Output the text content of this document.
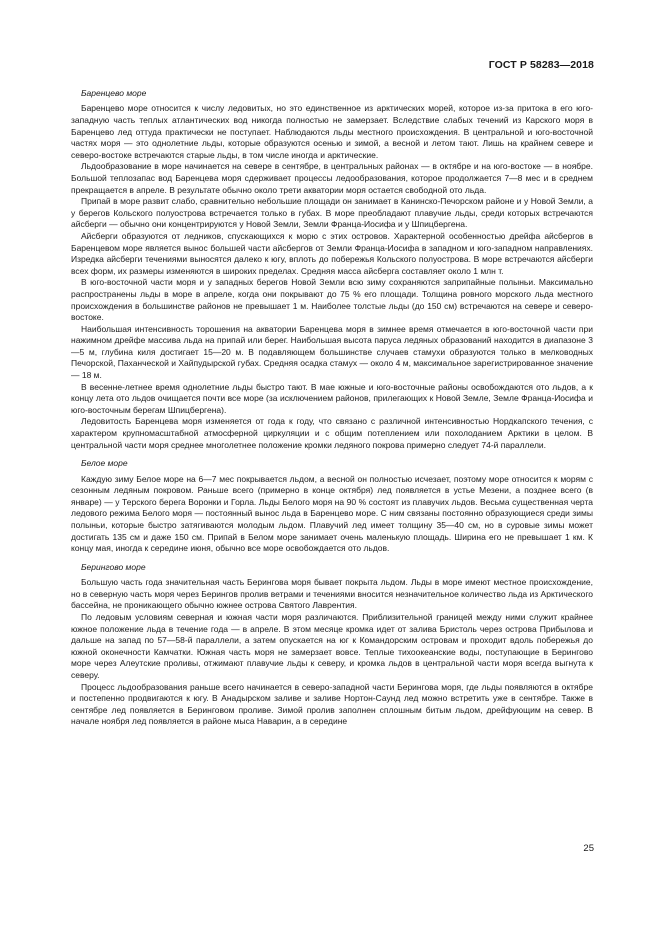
ГОСТ Р 58283—2018
Баренцево море

Баренцево море относится к числу ледовитых, но это единственное из арктических морей, которое из-за притока в его юго-западную часть теплых атлантических вод никогда полностью не замерзает. Вследствие слабых течений из Карского моря в Баренцево лед оттуда практически не поступает. Наблюдаются льды местного происхождения. В центральной и юго-восточной частях моря — это однолетние льды, которые образуются осенью и зимой, а весной и летом тают. Лишь на крайнем севере и северо-востоке встречаются старые льды, в том числе иногда и арктические.

Льдообразование в море начинается на севере в сентябре, в центральных районах — в октябре и на юго-востоке — в ноябре. Большой теплозапас вод Баренцева моря сдерживает процессы ледообразования, которое продолжается 7—8 мес и в среднем прекращается в апреле. В результате обычно около трети акватории моря остается свободной ото льда.

Припай в море развит слабо, сравнительно небольшие площади он занимает в Канинско-Печорском районе и у Новой Земли, а у берегов Кольского полуострова встречается только в губах. В море преобладают плавучие льды, среди которых встречаются айсберги — обычно они концентрируются у Новой Земли, Земли Франца-Иосифа и у Шпицбергена.

Айсберги образуются от ледников, спускающихся к морю с этих островов. Характерной особенностью дрейфа айсбергов в Баренцевом море является вынос большей части айсбергов от Земли Франца-Иосифа в западном и юго-западном направлениях. Изредка айсберги течениями выносятся далеко к югу, вплоть до побережья Кольского полуострова. В море встречаются айсберги всех форм, их размеры изменяются в широких пределах. Средняя масса айсберга составляет около 1 млн т.

В юго-восточной части моря и у западных берегов Новой Земли всю зиму сохраняются заприпайные полыньи. Максимально распространены льды в море в апреле, когда они покрывают до 75 % его площади. Толщина ровного морского льда местного происхождения в большинстве районов не превышает 1 м. Наиболее толстые льды (до 150 см) встречаются на севере и северо-востоке.

Наибольшая интенсивность торошения на акватории Баренцева моря в зимнее время отмечается в юго-восточной части при нажимном дрейфе массива льда на припай или берег. Наибольшая высота паруса ледяных образований находится в диапазоне 3—5 м, глубина киля достигает 15—20 м. В подавляющем большинстве случаев стамухи образуются только в мелководных Печорской, Паханческой и Хайпудырской губах. Средняя осадка стамух — около 4 м, максимальное зарегистрированное значение — 18 м.

В весенне-летнее время однолетние льды быстро тают. В мае южные и юго-восточные районы освобождаются ото льдов, а к концу лета ото льдов очищается почти все море (за исключением районов, прилегающих к Новой Земле, Земле Франца-Иосифа и юго-восточным берегам Шпицбергена).

Ледовитость Баренцева моря изменяется от года к году, что связано с различной интенсивностью Нордкапского течения, с характером крупномасштабной атмосферной циркуляции и с общим потеплением или похолоданием Арктики в целом. В центральной части моря среднее многолетнее положение кромки ледяного покрова примерно следует 74-й параллели.

Белое море

Каждую зиму Белое море на 6—7 мес покрывается льдом, а весной он полностью исчезает, поэтому море относится к морям с сезонным ледяным покровом. Раньше всего (примерно в конце октября) лед появляется в устье Мезени, а позднее всего (в январе) — у Терского берега Воронки и Горла. Льды Белого моря на 90 % состоят из плавучих льдов. Весьма существенная черта ледового режима Белого моря — постоянный вынос льда в Баренцево море. С ним связаны постоянно образующиеся среди зимы полыньи, которые быстро затягиваются молодым льдом. Плавучий лед имеет толщину 35—40 см, но в суровые зимы может достигать 135 см и даже 150 см. Припай в Белом море занимает очень маленькую площадь. Ширина его не превышает 1 км. К концу мая, иногда к середине июня, обычно все море освобождается ото льдов.

Берингово море

Большую часть года значительная часть Берингова моря бывает покрыта льдом. Льды в море имеют местное происхождение, но в северную часть моря через Берингов пролив ветрами и течениями вносится незначительное количество льда из Арктического бассейна, не проникающего обычно южнее острова Святого Лаврентия.

По ледовым условиям северная и южная части моря различаются. Приблизительной границей между ними служит крайнее южное положение льда в течение года — в апреле. В этом месяце кромка идет от залива Бристоль через острова Прибылова и дальше на запад по 57—58-й параллели, а затем опускается на юг к Командорским островам и проходит вдоль побережья до южной оконечности Камчатки. Южная часть моря не замерзает вовсе. Теплые тихоокеанские воды, поступающие в Берингово море через Алеутские проливы, отжимают плавучие льды к северу, и кромка льдов в центральной части моря всегда выгнута к северу.

Процесс льдообразования раньше всего начинается в северо-западной части Берингова моря, где льды появляются в октябре и постепенно продвигаются к югу. В Анадырском заливе и заливе Нортон-Саунд лед можно встретить уже в сентябре. Также в сентябре лед появляется в Беринговом проливе. Зимой пролив заполнен сплошным битым льдом, дрейфующим на север. В начале ноября лед появляется в районе мыса Наварин, а в середине

25
